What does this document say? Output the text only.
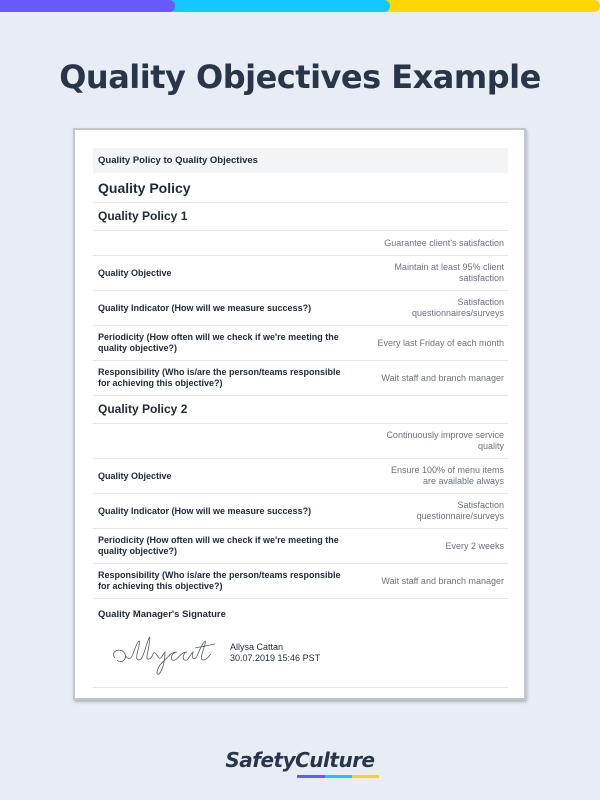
Quality Objectives Example
Quality Policy to Quality Objectives
Quality Policy
Quality Policy 1
Guarantee client's satisfaction
Quality Objective
Maintain at least 95% client satisfaction
Quality Indicator (How will we measure success?)
Satisfaction questionnaires/surveys
Periodicity (How often will we check if we're meeting the quality objective?)
Every last Friday of each month
Responsibility (Who is/are the person/teams responsible for achieving this objective?)
Wait staff and branch manager
Quality Policy 2
Continuously improve service quality
Quality Objective
Ensure 100% of menu items are available always
Quality Indicator (How will we measure success?)
Satisfaction questionnaire/surveys
Periodicity (How often will we check if we're meeting the quality objective?)
Every 2 weeks
Responsibility (Who is/are the person/teams responsible for achieving this objective?)
Wait staff and branch manager
Quality Manager's Signature
Allysa Cattan
30.07.2019 15:46 PST
SafetyCulture
